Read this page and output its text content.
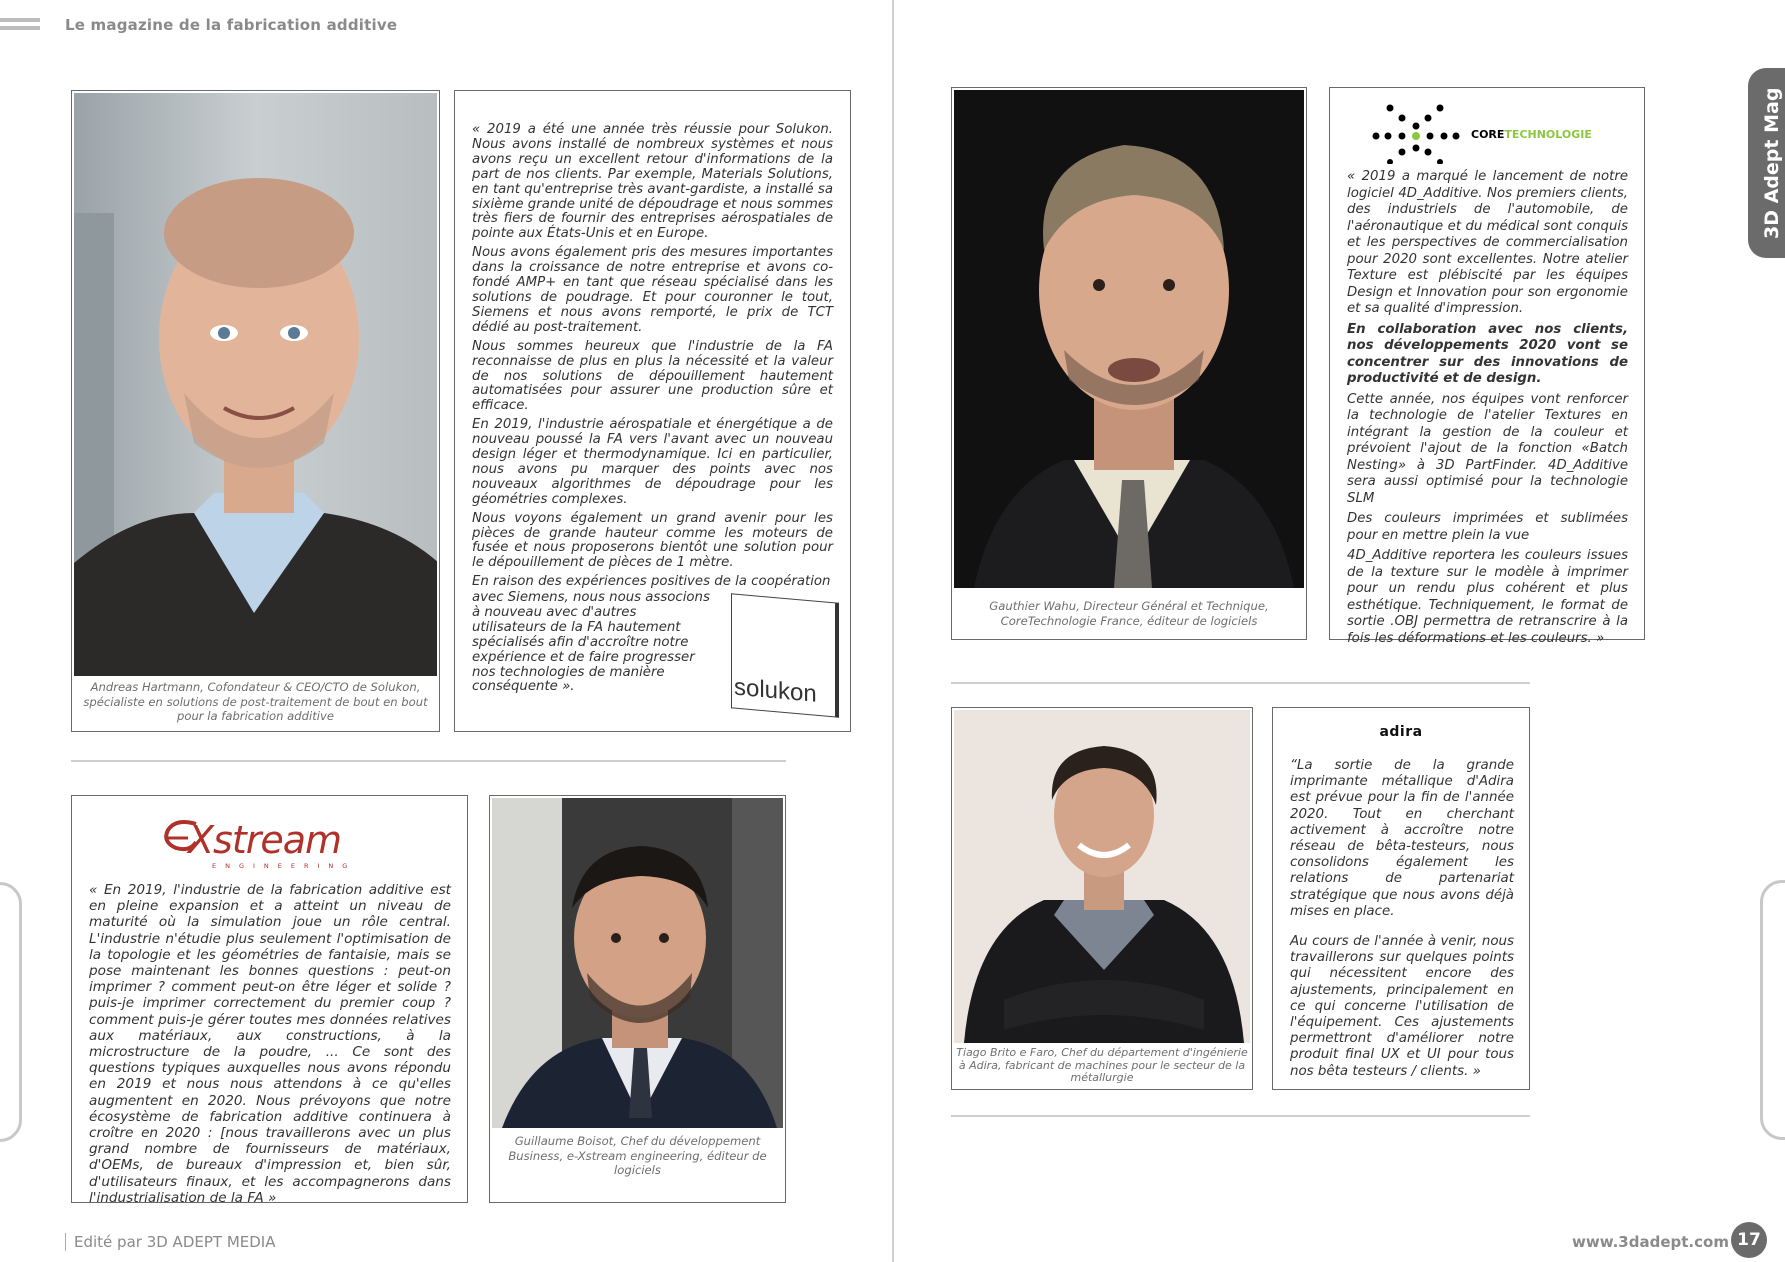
Le magazine de la fabrication additive
3D Adept Mag
Andreas Hartmann, Cofondateur & CEO/CTO de Solukon, spécialiste en solutions de post-traitement de bout en bout pour la fabrication additive

« 2019 a été une année très réussie pour Solukon. Nous avons installé de nombreux systèmes et nous avons reçu un excellent retour d'informations de la part de nos clients. Par exemple, Materials Solutions, en tant qu'entreprise très avant-gardiste, a installé sa sixième grande unité de dépoudrage et nous sommes très fiers de fournir des entreprises aérospatiales de pointe aux États-Unis et en Europe.

Nous avons également pris des mesures importantes dans la croissance de notre entreprise et avons co-fondé AMP+ en tant que réseau spécialisé dans les solutions de poudrage. Et pour couronner le tout, Siemens et nous avons remporté, le prix de TCT dédié au post-traitement.

Nous sommes heureux que l'industrie de la FA reconnaisse de plus en plus la nécessité et la valeur de nos solutions de dépouillement hautement automatisées pour assurer une production sûre et efficace.

En 2019, l'industrie aérospatiale et énergétique a de nouveau poussé la FA vers l'avant avec un nouveau design léger et thermodynamique. Ici en particulier, nous avons pu marquer des points avec nos nouveaux algorithmes de dépoudrage pour les géométries complexes.

Nous voyons également un grand avenir pour les pièces de grande hauteur comme les moteurs de fusée et nous proposerons bientôt une solution pour le dépouillement de pièces de 1 mètre.

En raison des expériences positives de la coopération

avec Siemens, nous nous associons à nouveau avec d'autres utilisateurs de la FA hautement spécialisés afin d'accroître notre expérience et de faire progresser nos technologies de manière conséquente ».	solukon
Xstream
ENGINEERING

« En 2019, l'industrie de la fabrication additive est en pleine expansion et a atteint un niveau de maturité où la simulation joue un rôle central. L'industrie n'étudie plus seulement l'optimisation de la topologie et les géométries de fantaisie, mais se pose maintenant les bonnes questions : peut-on imprimer ? comment peut-on être léger et solide ? puis-je imprimer correctement du premier coup ? comment puis-je gérer toutes mes données relatives aux matériaux, aux constructions, à la microstructure de la poudre, ... Ce sont des questions typiques auxquelles nous avons répondu en 2019 et nous nous attendons à ce qu'elles augmentent en 2020. Nous prévoyons que notre écosystème de fabrication additive continuera à croître en 2020 : [nous travaillerons avec un plus grand nombre de fournisseurs de matériaux, d'OEMs, de bureaux d'impression et, bien sûr, d'utilisateurs finaux, et les accompagnerons dans l'industrialisation de la FA »

Guillaume Boisot, Chef du développement Business, e-Xstream engineering, éditeur de logiciels
Gauthier Wahu, Directeur Général et Technique, CoreTechnologie France, éditeur de logiciels
CORETECHNOLOGIE

« 2019 a marqué le lancement de notre logiciel 4D_Additive. Nos premiers clients, des industriels de l'automobile, de l'aéronautique et du médical sont conquis et les perspectives de commercialisation pour 2020 sont excellentes. Notre atelier Texture est plébiscité par les équipes Design et Innovation pour son ergonomie et sa qualité d'impression.

En collaboration avec nos clients, nos développements 2020 vont se concentrer sur des innovations de productivité et de design.

Cette année, nos équipes vont renforcer la technologie de l'atelier Textures en intégrant la gestion de la couleur et prévoient l'ajout de la fonction «Batch Nesting» à 3D PartFinder. 4D_Additive sera aussi optimisé pour la technologie SLM

Des couleurs imprimées et sublimées pour en mettre plein la vue

4D_Additive reportera les couleurs issues de la texture sur le modèle à imprimer pour un rendu plus cohérent et plus esthétique. Techniquement, le format de sortie .OBJ permettra de retranscrire à la fois les déformations et les couleurs. »

Tiago Brito e Faro, Chef du département d'ingénierie à Adira, fabricant de machines pour le secteur de la métallurgie
adira

“La sortie de la grande imprimante métallique d'Adira est prévue pour la fin de l'année 2020. Tout en cherchant activement à accroître notre réseau de bêta-testeurs, nous consolidons également les relations de partenariat stratégique que nous avons déjà mises en place.

Au cours de l'année à venir, nous travaillerons sur quelques points qui nécessitent encore des ajustements, principalement en ce qui concerne l'utilisation de l'équipement. Ces ajustements permettront d'améliorer notre produit final UX et UI pour tous nos bêta testeurs / clients. »

Edité par 3D ADEPT MEDIA	www.3dadept.com 17
